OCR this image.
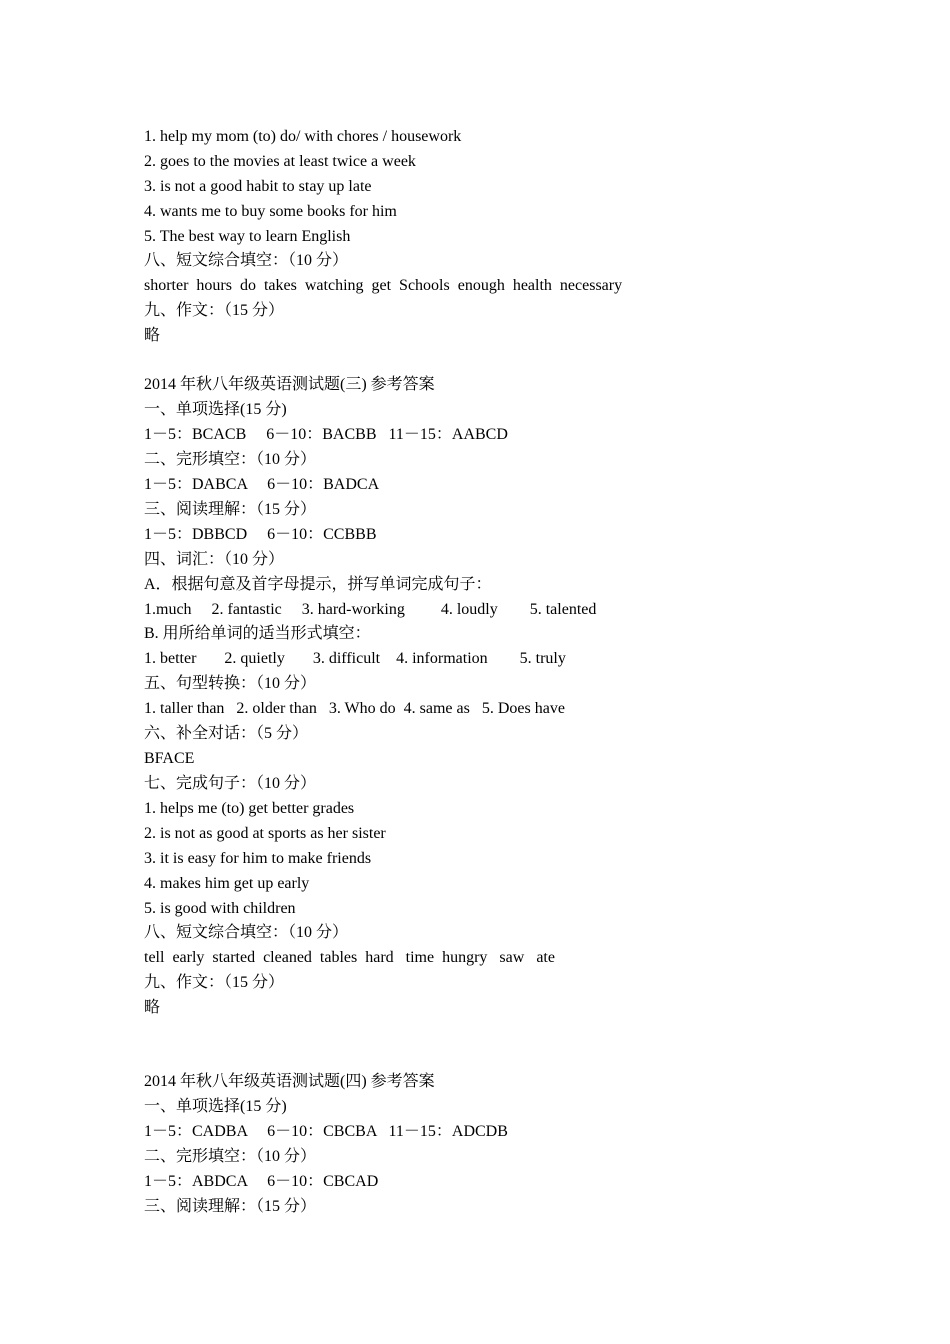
1. help my mom (to) do/ with chores / housework
2. goes to the movies at least twice a week
3. is not a good habit to stay up late
4. wants me to buy some books for him
5. The best way to learn English
八、短文综合填空：（10 分）
shorter  hours  do  takes  watching  get  Schools  enough  health  necessary
九、作文：（15 分）
略
2014 年秋八年级英语测试题(三) 参考答案
一、单项选择(15 分)
1－5：BCACB     6－10：BACBB   11－15：AABCD
二、完形填空：（10 分）
1－5：DABCA     6－10：BADCA
三、阅读理解：（15 分）
1－5：DBBCD     6－10：CCBBB
四、词汇：（10 分）
A．根据句意及首字母提示，拼写单词完成句子：
1.much     2. fantastic     3. hard-working         4. loudly        5. talented
B. 用所给单词的适当形式填空：
1. better       2. quietly       3. difficult    4. information        5. truly
五、句型转换：（10 分）
1. taller than   2. older than   3. Who do  4. same as   5. Does have
六、补全对话：（5 分）
BFACE
七、完成句子：（10 分）
1. helps me (to) get better grades
2. is not as good at sports as her sister
3. it is easy for him to make friends
4. makes him get up early
5. is good with children
八、短文综合填空：（10 分）
tell  early  started  cleaned  tables  hard   time  hungry   saw   ate
九、作文：（15 分）
略
2014 年秋八年级英语测试题(四) 参考答案
一、单项选择(15 分)
1－5：CADBA     6－10：CBCBA   11－15：ADCDB
二、完形填空：（10 分）
1－5：ABDCA     6－10：CBCAD
三、阅读理解：（15 分）
